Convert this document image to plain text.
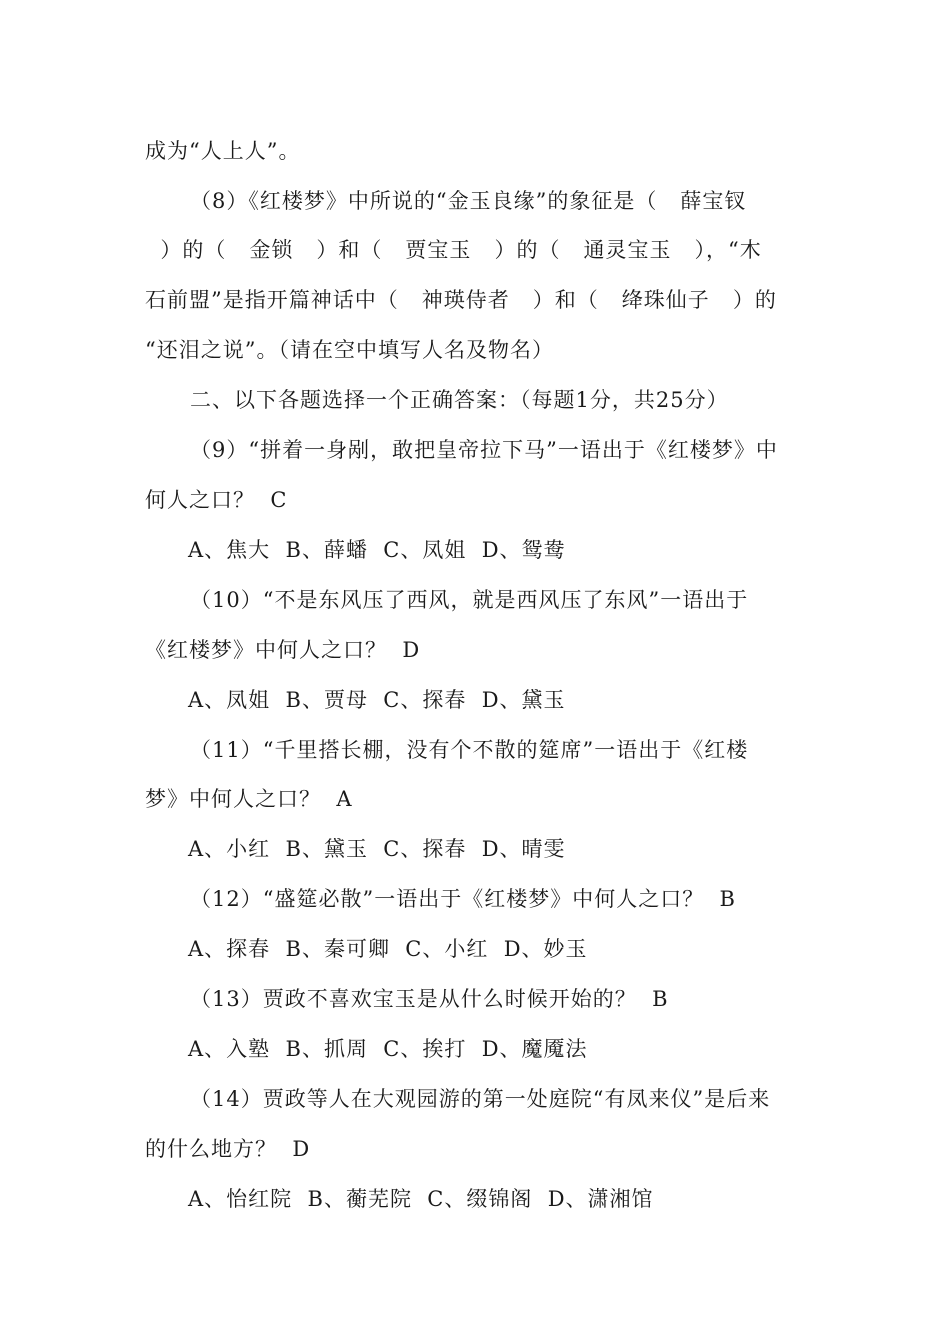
成为“人上人”。
（8）《红楼梦》中所说的“金玉良缘”的象征是（   薛宝钗
）的（   金锁   ）和（   贾宝玉   ）的（   通灵宝玉   ），“木
石前盟”是指开篇神话中（   神瑛侍者   ）和（   绛珠仙子   ）的
“还泪之说”。（请在空中填写人名及物名）
二、以下各题选择一个正确答案：（每题1分，共25分）
（9）“拼着一身剐，敢把皇帝拉下马”一语出于《红楼梦》中
何人之口？  C
A、焦大  B、薛蟠  C、凤姐  D、鸳鸯
（10）“不是东风压了西风，就是西风压了东风”一语出于
《红楼梦》中何人之口？  D
A、凤姐  B、贾母  C、探春  D、黛玉
（11）“千里搭长棚，没有个不散的筵席”一语出于《红楼
梦》中何人之口？  A
A、小红  B、黛玉  C、探春  D、晴雯
（12）“盛筵必散”一语出于《红楼梦》中何人之口？  B
A、探春  B、秦可卿  C、小红  D、妙玉
（13）贾政不喜欢宝玉是从什么时候开始的？  B
A、入塾  B、抓周  C、挨打  D、魔魇法
（14）贾政等人在大观园游的第一处庭院“有凤来仪”是后来
的什么地方？  D
A、怡红院  B、蘅芜院  C、缀锦阁  D、潇湘馆
